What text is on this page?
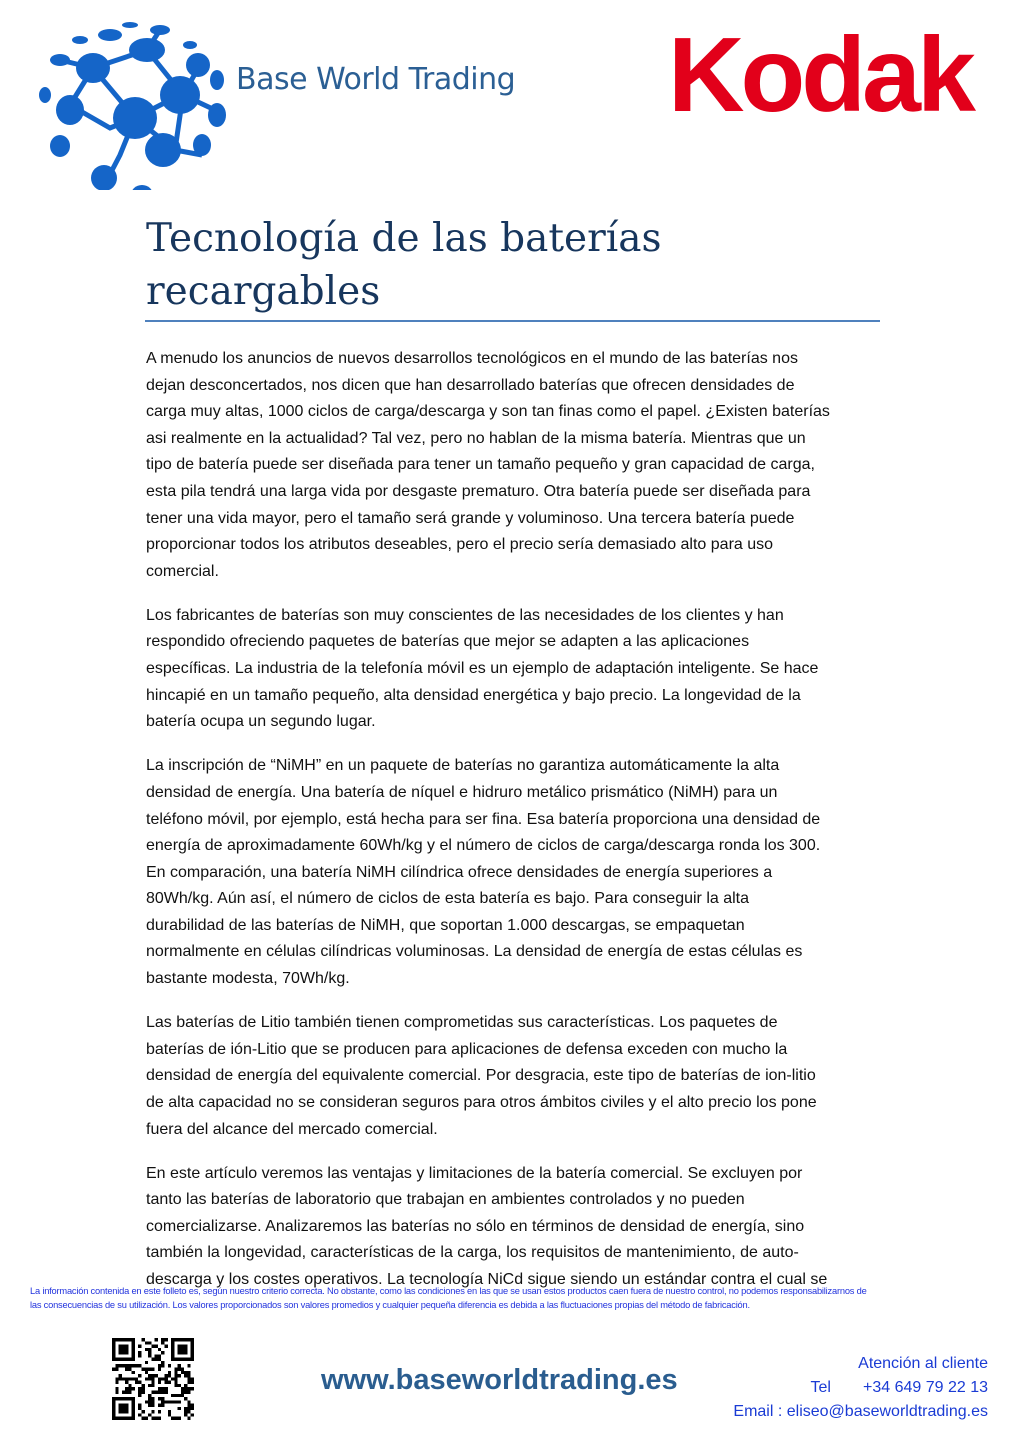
Base World Trading Kodak
Tecnología de las baterías
recargables
A menudo los anuncios de nuevos desarrollos tecnológicos en el mundo de las baterías nos
dejan desconcertados, nos dicen que han desarrollado baterías que ofrecen densidades de
carga muy altas, 1000 ciclos de carga/descarga y son tan finas como el papel. ¿Existen baterías
asi realmente en la actualidad? Tal vez, pero no hablan de la misma batería. Mientras que un
tipo de batería puede ser diseñada para tener un tamaño pequeño y gran capacidad de carga,
esta pila tendrá una larga vida por desgaste prematuro. Otra batería puede ser diseñada para
tener una vida mayor, pero el tamaño será grande y voluminoso. Una tercera batería puede
proporcionar todos los atributos deseables, pero el precio sería demasiado alto para uso
comercial.
Los fabricantes de baterías son muy conscientes de las necesidades de los clientes y han
respondido ofreciendo paquetes de baterías que mejor se adapten a las aplicaciones
específicas. La industria de la telefonía móvil es un ejemplo de adaptación inteligente. Se hace
hincapié en un tamaño pequeño, alta densidad energética y bajo precio. La longevidad de la
batería ocupa un segundo lugar.
La inscripción de “NiMH” en un paquete de baterías no garantiza automáticamente la alta
densidad de energía. Una batería de níquel e hidruro metálico prismático (NiMH) para un
teléfono móvil, por ejemplo, está hecha para ser fina. Esa batería proporciona una densidad de
energía de aproximadamente 60Wh/kg y el número de ciclos de carga/descarga ronda los 300.
En comparación, una batería NiMH cilíndrica ofrece densidades de energía superiores a
80Wh/kg. Aún así, el número de ciclos de esta batería es bajo. Para conseguir la alta
durabilidad de las baterías de NiMH, que soportan 1.000 descargas, se empaquetan
normalmente en células cilíndricas voluminosas. La densidad de energía de estas células es
bastante modesta, 70Wh/kg.
Las baterías de Litio también tienen comprometidas sus características. Los paquetes de
baterías de ión-Litio que se producen para aplicaciones de defensa exceden con mucho la
densidad de energía del equivalente comercial. Por desgracia, este tipo de baterías de ion-litio
de alta capacidad no se consideran seguros para otros ámbitos civiles y el alto precio los pone
fuera del alcance del mercado comercial.
En este artículo veremos las ventajas y limitaciones de la batería comercial. Se excluyen por
tanto las baterías de laboratorio que trabajan en ambientes controlados y no pueden
comercializarse. Analizaremos las baterías no sólo en términos de densidad de energía, sino
también la longevidad, características de la carga, los requisitos de mantenimiento, de auto-
descarga y los costes operativos. La tecnología NiCd sigue siendo un estándar contra el cual se
La información contenida en este folleto es, según nuestro criterio correcta. No obstante, como las condiciones en las que se usan estos productos caen fuera de nuestro control, no podemos responsabilizarnos de
las consecuencias de su utilización. Los valores proporcionados son valores promedios y cualquier pequeña diferencia es debida a las fluctuaciones propias del método de fabricación.
www.baseworldtrading.es
Atención al cliente
Tel +34 649 79 22 13
Email : eliseo@baseworldtrading.es
